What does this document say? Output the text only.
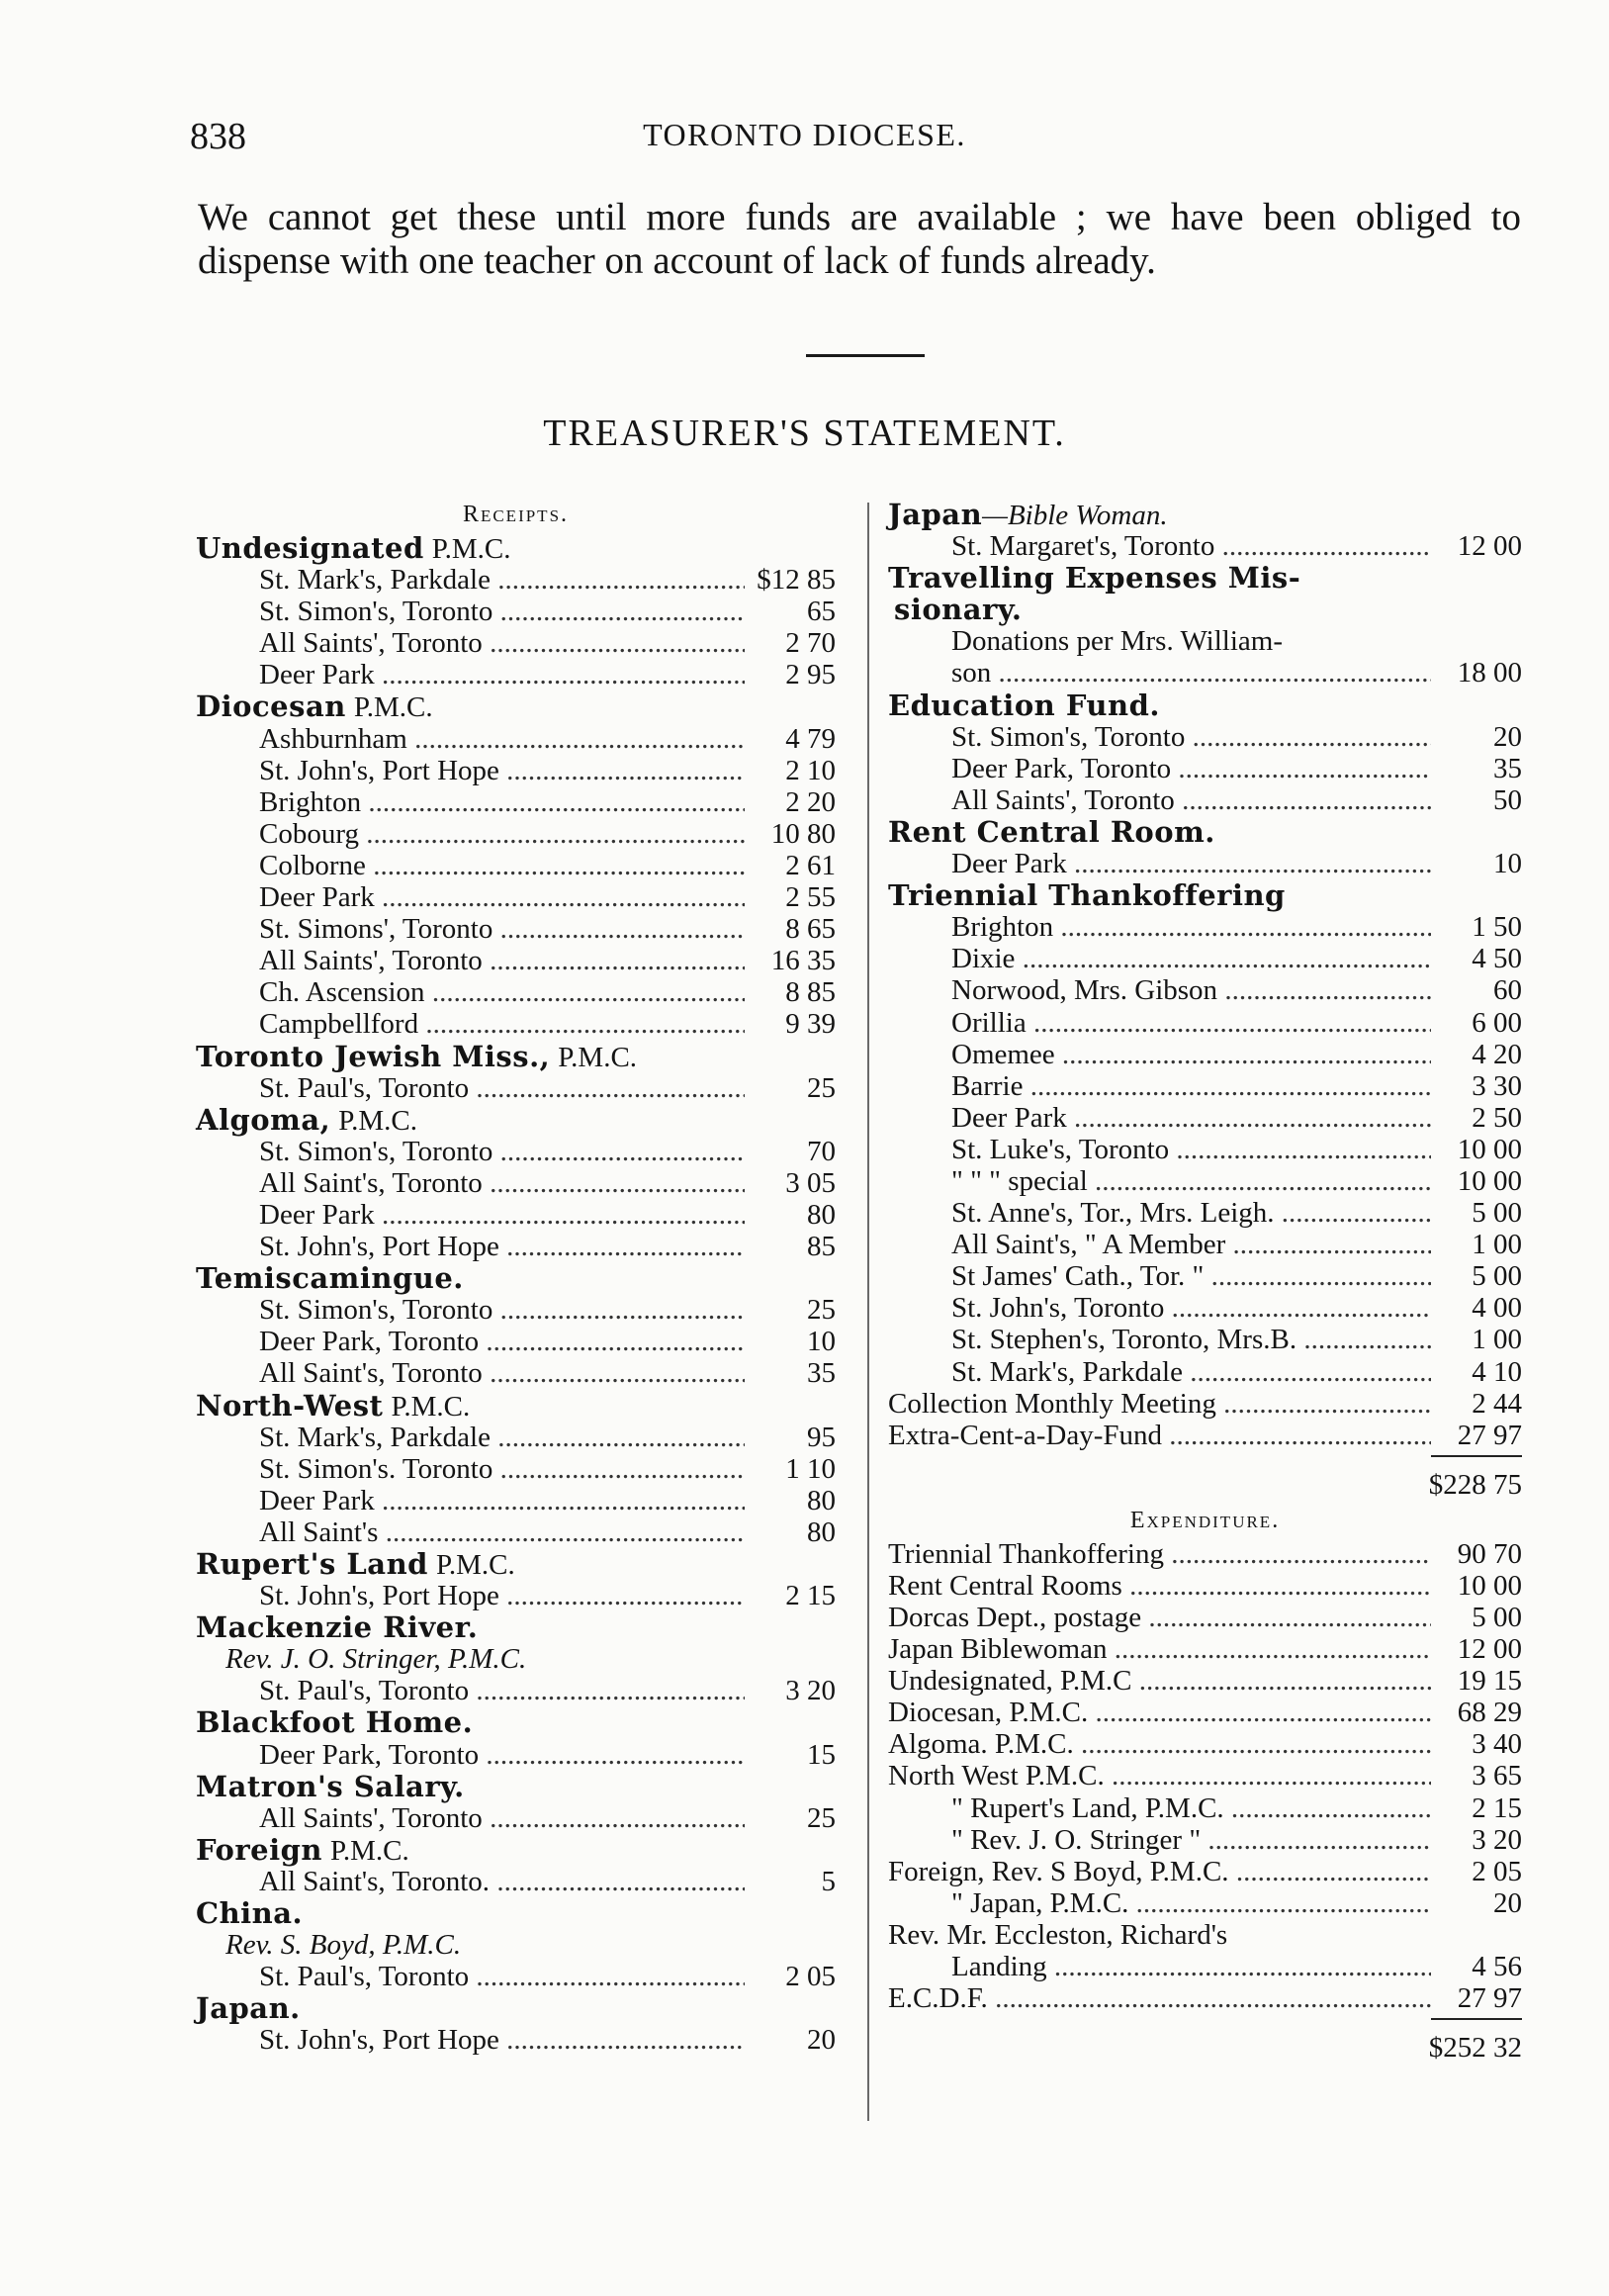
838	TORONTO DIOCESE.
We cannot get these until more funds are available ; we have been obliged to dispense with one teacher on account of lack of funds already.
TREASURER'S STATEMENT.
Receipts.
Undesignated P.M.C.
St. Mark's, Parkdale .....	$12 85
St. Simon's, Toronto .....	65
All Saints', Toronto .....	2 70
Deer Park .....	2 95
Diocesan P.M.C.
Ashburnham .....	4 79
St. John's, Port Hope .....	2 10
Brighton .....	2 20
Cobourg .....	10 80
Colborne .....	2 61
Deer Park .....	2 55
St. Simons', Toronto .....	8 65
All Saints', Toronto .....	16 35
Ch. Ascension .....	8 85
Campbellford .....	9 39
Toronto Jewish Miss., P.M.C.
St. Paul's, Toronto .....	25
Algoma, P.M.C.
St. Simon's, Toronto .....	70
All Saint's, Toronto .....	3 05
Deer Park .....	80
St. John's, Port Hope .....	85
Temiscamingue.
St. Simon's, Toronto .....	25
Deer Park, Toronto .....	10
All Saint's, Toronto .....	35
North-West P.M.C.
St. Mark's, Parkdale .....	95
St. Simon's. Toronto .....	1 10
Deer Park .....	80
All Saint's .....	80
Rupert's Land P.M.C.
St. John's, Port Hope .....	2 15
Mackenzie River.
Rev. J. O. Stringer, P.M.C.
St. Paul's, Toronto .....	3 20
Blackfoot Home.
Deer Park, Toronto .....	15
Matron's Salary.
All Saints', Toronto .....	25
Foreign P.M.C.
All Saint's, Toronto. .....	5
China.
Rev. S. Boyd, P.M.C.
St. Paul's, Toronto .....	2 05
Japan.
St. John's, Port Hope .....	20
Japan—Bible Woman.
St. Margaret's, Toronto .....	12 00
Travelling Expenses Mis-
sionary.
Donations per Mrs. William-
son .....	18 00
Education Fund.
St. Simon's, Toronto .....	20
Deer Park, Toronto .....	35
All Saints', Toronto .....	50
Rent Central Room.
Deer Park .....	10
Triennial Thankoffering
Brighton .....	1 50
Dixie .....	4 50
Norwood, Mrs. Gibson .....	60
Orillia .....	6 00
Omemee .....	4 20
Barrie .....	3 30
Deer Park .....	2 50
St. Luke's, Toronto .....	10 00
" " " special .....	10 00
St. Anne's, Tor., Mrs. Leigh. .....	5 00
All Saint's, " A Member .....	1 00
St James' Cath., Tor. " .....	5 00
St. John's, Toronto .....	4 00
St. Stephen's, Toronto, Mrs.B. .....	1 00
St. Mark's, Parkdale .....	4 10
Collection Monthly Meeting .....	2 44
Extra-Cent-a-Day-Fund .....	27 97
$228 75
Expenditure.
Triennial Thankoffering .....	90 70
Rent Central Rooms .....	10 00
Dorcas Dept., postage .....	5 00
Japan Biblewoman .....	12 00
Undesignated, P.M.C .....	19 15
Diocesan, P.M.C. .....	68 29
Algoma. P.M.C. .....	3 40
North West P.M.C. .....	3 65
" Rupert's Land, P.M.C. .....	2 15
" Rev. J. O. Stringer " .....	3 20
Foreign, Rev. S Boyd, P.M.C. .....	2 05
" Japan, P.M.C. .....	20
Rev. Mr. Eccleston, Richard's
Landing .....	4 56
E.C.D.F. .....	27 97
$252 32
